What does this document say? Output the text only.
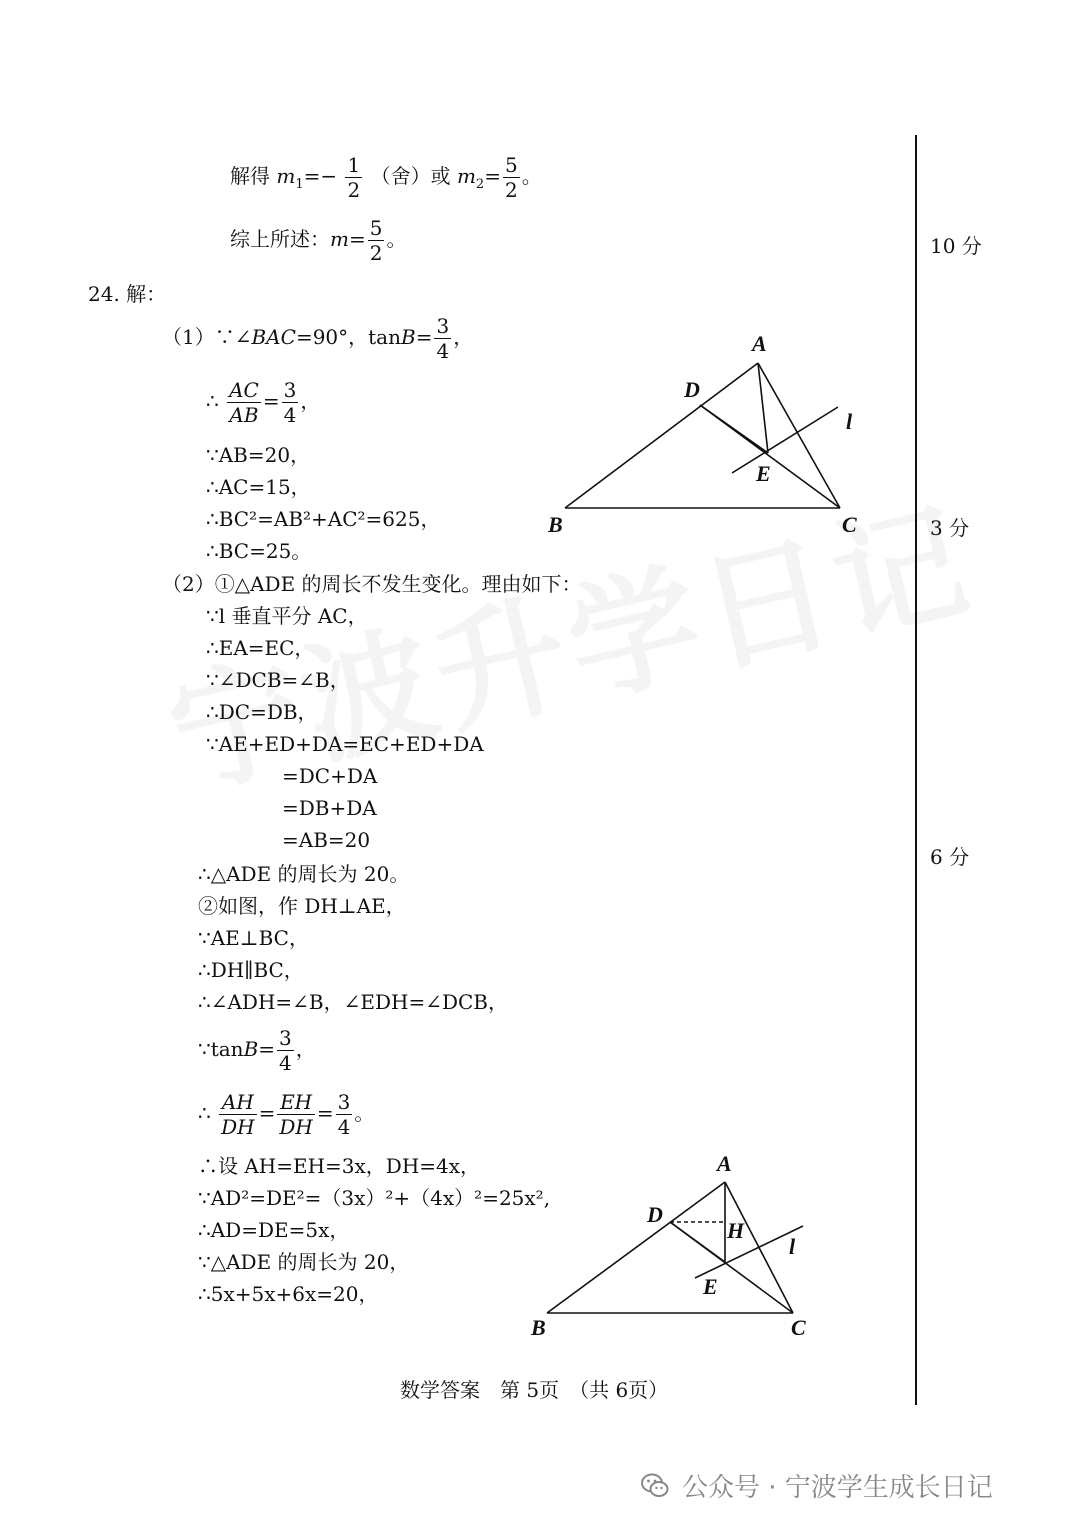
解得 $m_1=- \frac{1}{2}$ （舍）或 $m_2= \frac{5}{2}$ 。
综上所述：$m= \frac{5}{2}$ 。
24. 解：
（1）∵∠BAC=90°，$\tan B= \frac{3}{4}$ ，
∴ $\frac{AC}{AB} = \frac{3}{4}$ ，
∵AB=20，
∴AC=15，
∴BC²=AB²+AC²=625，
∴BC=25。
（2）①△ADE 的周长不发生变化。理由如下：
∵l 垂直平分 AC，
∴EA=EC，
∵∠DCB=∠B，
∴DC=DB，
∵AE+ED+DA=EC+ED+DA
=DC+DA
=DB+DA
=AB=20
∴△ADE 的周长为 20。
②如图，作 DH⊥AE，
∵AE⊥BC，
∴DH∥BC，
∴∠ADH=∠B，∠EDH=∠DCB，
∵tanB= $\frac{3}{4}$ ，
∴ $\frac{AH}{DH} = \frac{EH}{DH} = \frac{3}{4}$ 。
∴设 AH=EH=3x，DH=4x，
∵AD²=DE²=（3x）²+（4x）²=25x²,
∴AD=DE=5x，
∵△ADE 的周长为 20，
∴5x+5x+6x=20，
A
D
l
E
B	C
A
D
H
l
E
B	C
10 分
3 分
6 分
数学答案　第 5页　（共 6页）
公众号 · 宁波学生成长日记
